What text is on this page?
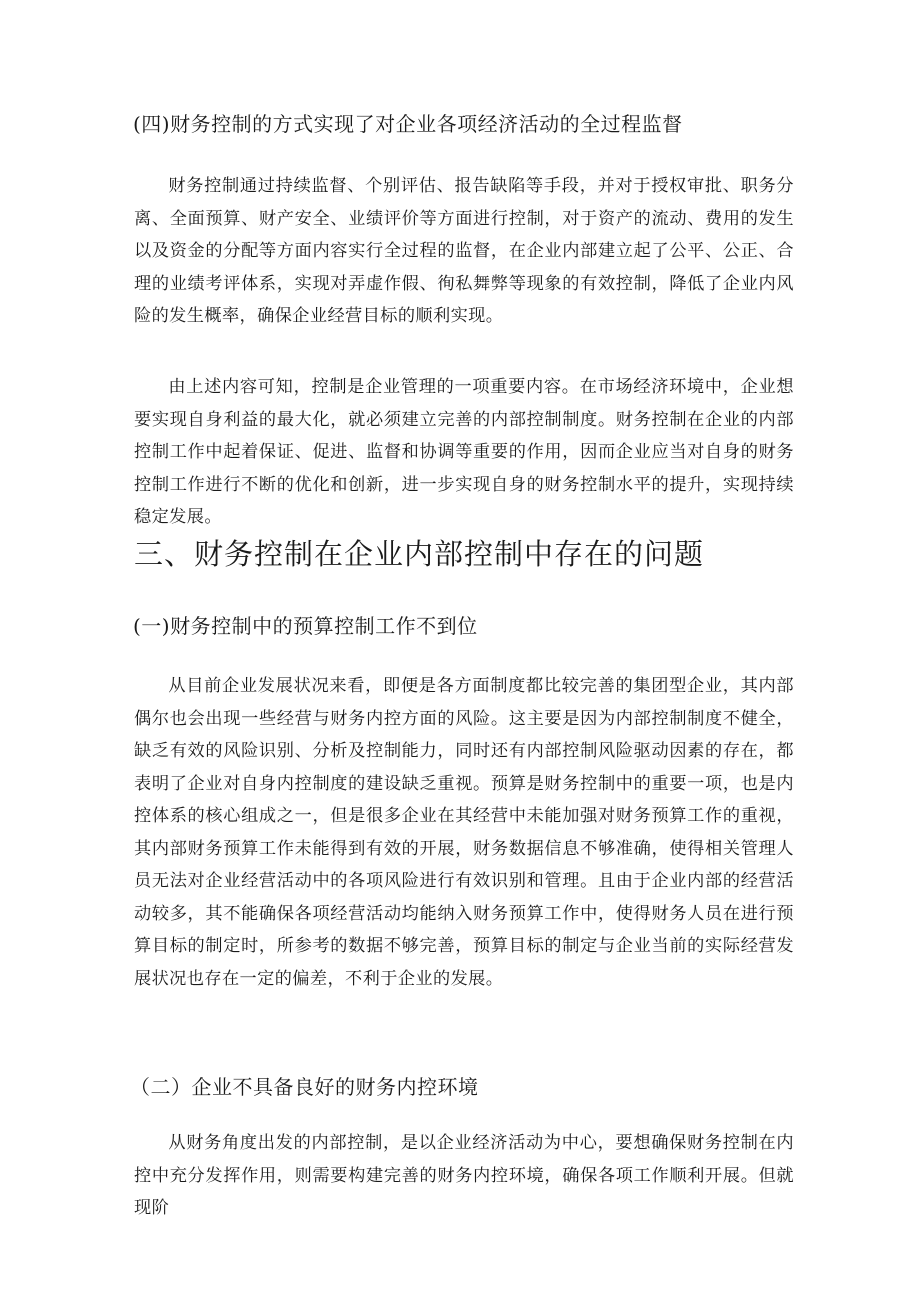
(四)财务控制的方式实现了对企业各项经济活动的全过程监督

财务控制通过持续监督、个别评估、报告缺陷等手段，并对于授权审批、职务分离、全面预算、财产安全、业绩评价等方面进行控制，对于资产的流动、费用的发生以及资金的分配等方面内容实行全过程的监督，在企业内部建立起了公平、公正、合理的业绩考评体系，实现对弄虚作假、徇私舞弊等现象的有效控制，降低了企业内风险的发生概率，确保企业经营目标的顺利实现。

由上述内容可知，控制是企业管理的一项重要内容。在市场经济环境中，企业想要实现自身利益的最大化，就必须建立完善的内部控制制度。财务控制在企业的内部控制工作中起着保证、促进、监督和协调等重要的作用，因而企业应当对自身的财务控制工作进行不断的优化和创新，进一步实现自身的财务控制水平的提升，实现持续稳定发展。

三、财务控制在企业内部控制中存在的问题
(一)财务控制中的预算控制工作不到位

从目前企业发展状况来看，即便是各方面制度都比较完善的集团型企业，其内部偶尔也会出现一些经营与财务内控方面的风险。这主要是因为内部控制制度不健全，缺乏有效的风险识别、分析及控制能力，同时还有内部控制风险驱动因素的存在，都表明了企业对自身内控制度的建设缺乏重视。预算是财务控制中的重要一项，也是内控体系的核心组成之一，但是很多企业在其经营中未能加强对财务预算工作的重视，其内部财务预算工作未能得到有效的开展，财务数据信息不够准确，使得相关管理人员无法对企业经营活动中的各项风险进行有效识别和管理。且由于企业内部的经营活动较多，其不能确保各项经营活动均能纳入财务预算工作中，使得财务人员在进行预算目标的制定时，所参考的数据不够完善，预算目标的制定与企业当前的实际经营发展状况也存在一定的偏差，不利于企业的发展。

（二）企业不具备良好的财务内控环境

从财务角度出发的内部控制，是以企业经济活动为中心，要想确保财务控制在内控中充分发挥作用，则需要构建完善的财务内控环境，确保各项工作顺利开展。但就现阶
